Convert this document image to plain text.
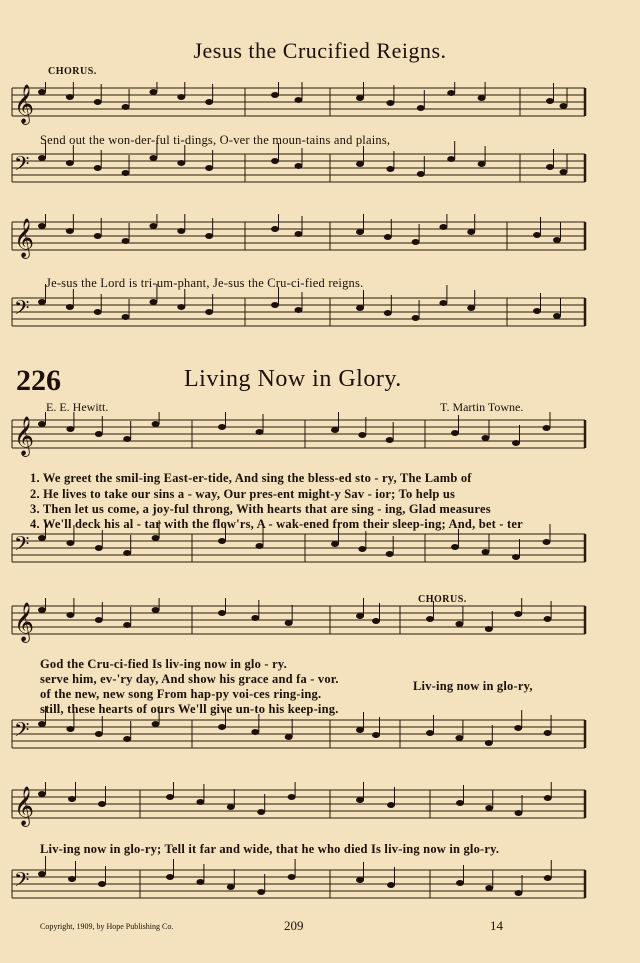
Jesus the Crucified Reigns.
CHORUS.
𝄞
𝄢
Send out the won-der-ful ti-dings, O-ver the moun-tains and plains,
𝄞
𝄢
Je-sus the Lord is tri-um-phant, Je-sus the Cru-ci-fied reigns.
226	Living Now in Glory.
E. E. Hewitt.	T. Martin Towne.
𝄞
𝄢
1. We greet the smil-ing East-er-tide, And sing the bless-ed sto - ry, The Lamb of
2. He lives to take our sins a - way, Our pres-ent might-y Sav - ior; To help us
3. Then let us come, a joy-ful throng, With hearts that are sing - ing, Glad measures
4. We'll deck his al - tar with the flow'rs, A - wak-ened from their sleep-ing; And, bet - ter
𝄞
𝄢
CHORUS.
God the Cru-ci-fied Is liv-ing now in glo - ry.
serve him, ev-'ry day, And show his grace and fa - vor.
of the new, new song From hap-py voi-ces ring-ing.
still, these hearts of ours We'll give un-to his keep-ing.
Liv-ing now in glo-ry,
𝄞
𝄢
Liv-ing now in glo-ry; Tell it far and wide, that he who died Is liv-ing now in glo-ry.
Copyright, 1909, by Hope Publishing Co.	209	14
